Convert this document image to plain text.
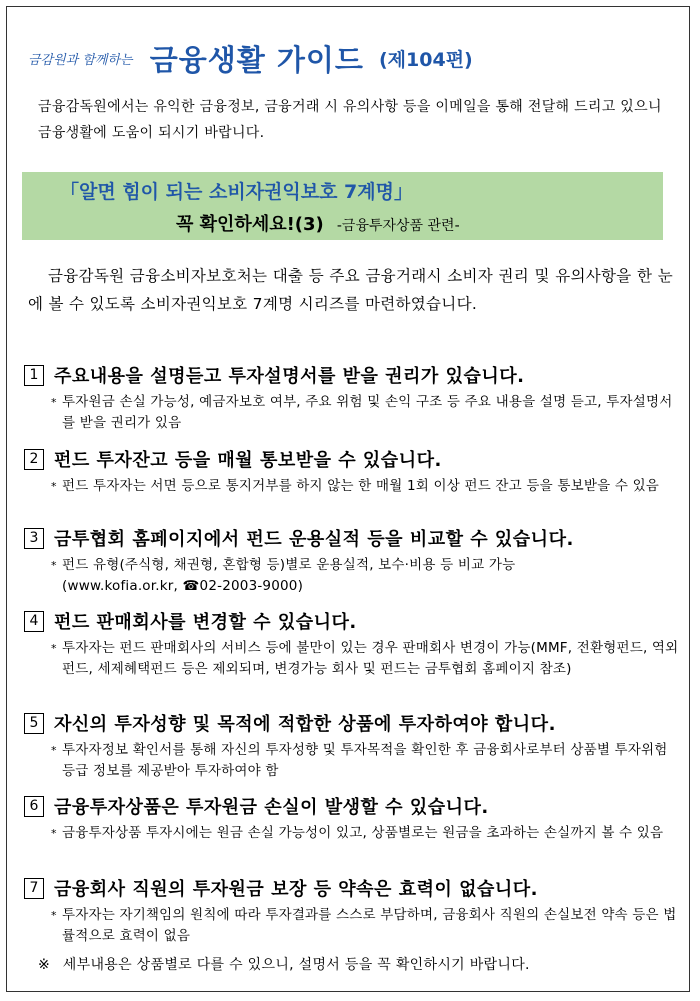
금감원과 함께하는 금융생활 가이드 (제104편)
금융감독원에서는 유익한 금융정보, 금융거래 시 유의사항 등을 이메일을 통해 전달해 드리고 있으니 금융생활에 도움이 되시기 바랍니다.
「알면 힘이 되는 소비자권익보호 7계명」
꼭 확인하세요!(3) -금융투자상품 관련-
금융감독원 금융소비자보호처는 대출 등 주요 금융거래시 소비자 권리 및 유의사항을 한 눈에 볼 수 있도록 소비자권익보호 7계명 시리즈를 마련하였습니다.
1 주요내용을 설명듣고 투자설명서를 받을 권리가 있습니다.
* 투자원금 손실 가능성, 예금자보호 여부, 주요 위험 및 손익 구조 등 주요 내용을 설명 듣고, 투자설명서를 받을 권리가 있음
2 펀드 투자잔고 등을 매월 통보받을 수 있습니다.
* 펀드 투자자는 서면 등으로 통지거부를 하지 않는 한 매월 1회 이상 펀드 잔고 등을 통보받을 수 있음
3 금투협회 홈페이지에서 펀드 운용실적 등을 비교할 수 있습니다.
* 펀드 유형(주식형, 채권형, 혼합형 등)별로 운용실적, 보수·비용 등 비교 가능
(www.kofia.or.kr, ☎02-2003-9000)
4 펀드 판매회사를 변경할 수 있습니다.
* 투자자는 펀드 판매회사의 서비스 등에 불만이 있는 경우 판매회사 변경이 가능(MMF, 전환형펀드, 역외펀드, 세제혜택펀드 등은 제외되며, 변경가능 회사 및 펀드는 금투협회 홈페이지 참조)
5 자신의 투자성향 및 목적에 적합한 상품에 투자하여야 합니다.
* 투자자정보 확인서를 통해 자신의 투자성향 및 투자목적을 확인한 후 금융회사로부터 상품별 투자위험등급 정보를 제공받아 투자하여야 함
6 금융투자상품은 투자원금 손실이 발생할 수 있습니다.
* 금융투자상품 투자시에는 원금 손실 가능성이 있고, 상품별로는 원금을 초과하는 손실까지 볼 수 있음
7 금융회사 직원의 투자원금 보장 등 약속은 효력이 없습니다.
* 투자자는 자기책임의 원칙에 따라 투자결과를 스스로 부담하며, 금융회사 직원의 손실보전 약속 등은 법률적으로 효력이 없음
※ 세부내용은 상품별로 다를 수 있으니, 설명서 등을 꼭 확인하시기 바랍니다.
